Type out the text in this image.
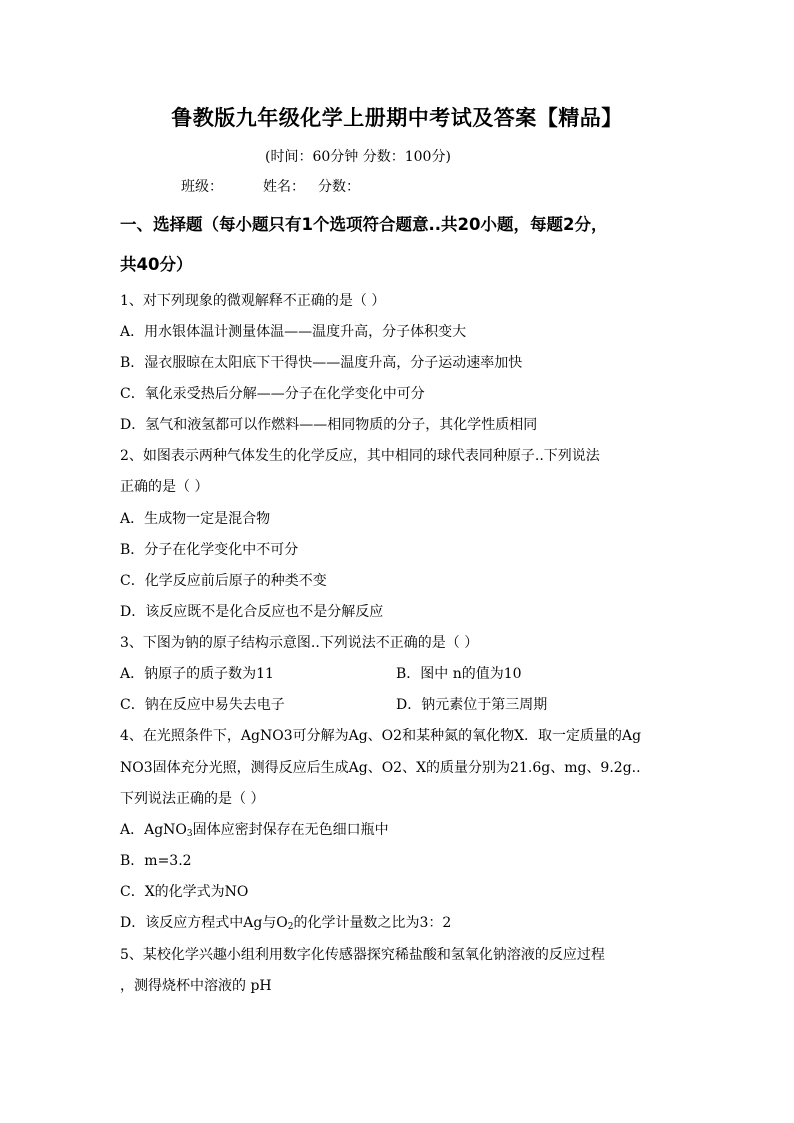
鲁教版九年级化学上册期中考试及答案【精品】
(时间：60分钟 分数：100分)
班级：	姓名： 分数：
一、选择题（每小题只有1个选项符合题意..共20小题，每题2分，
共40分）
1、对下列现象的微观解释不正确的是（ ）
A．用水银体温计测量体温——温度升高，分子体积变大
B．湿衣服晾在太阳底下干得快——温度升高，分子运动速率加快
C．氧化汞受热后分解——分子在化学变化中可分
D．氢气和液氢都可以作燃料——相同物质的分子，其化学性质相同
2、如图表示两种气体发生的化学反应，其中相同的球代表同种原子..下列说法
正确的是（ ）
A．生成物一定是混合物
B．分子在化学变化中不可分
C．化学反应前后原子的种类不变
D．该反应既不是化合反应也不是分解反应
3、下图为钠的原子结构示意图..下列说法不正确的是（ ）
A．钠原子的质子数为11	B．图中 n的值为10
C．钠在反应中易失去电子	D．钠元素位于第三周期
4、在光照条件下，AgNO3可分解为Ag、O2和某种氮的氧化物X．取一定质量的Ag
NO3固体充分光照，测得反应后生成Ag、O2、X的质量分别为21.6g、mg、9.2g..
下列说法正确的是（ ）
A．AgNO$_3$固体应密封保存在无色细口瓶中
B．m=3.2
C．X的化学式为NO
D．该反应方程式中Ag与$O_2$的化学计量数之比为3：2
5、某校化学兴趣小组利用数字化传感器探究稀盐酸和氢氧化钠溶液的反应过程
，测得烧杯中溶液的 pH
